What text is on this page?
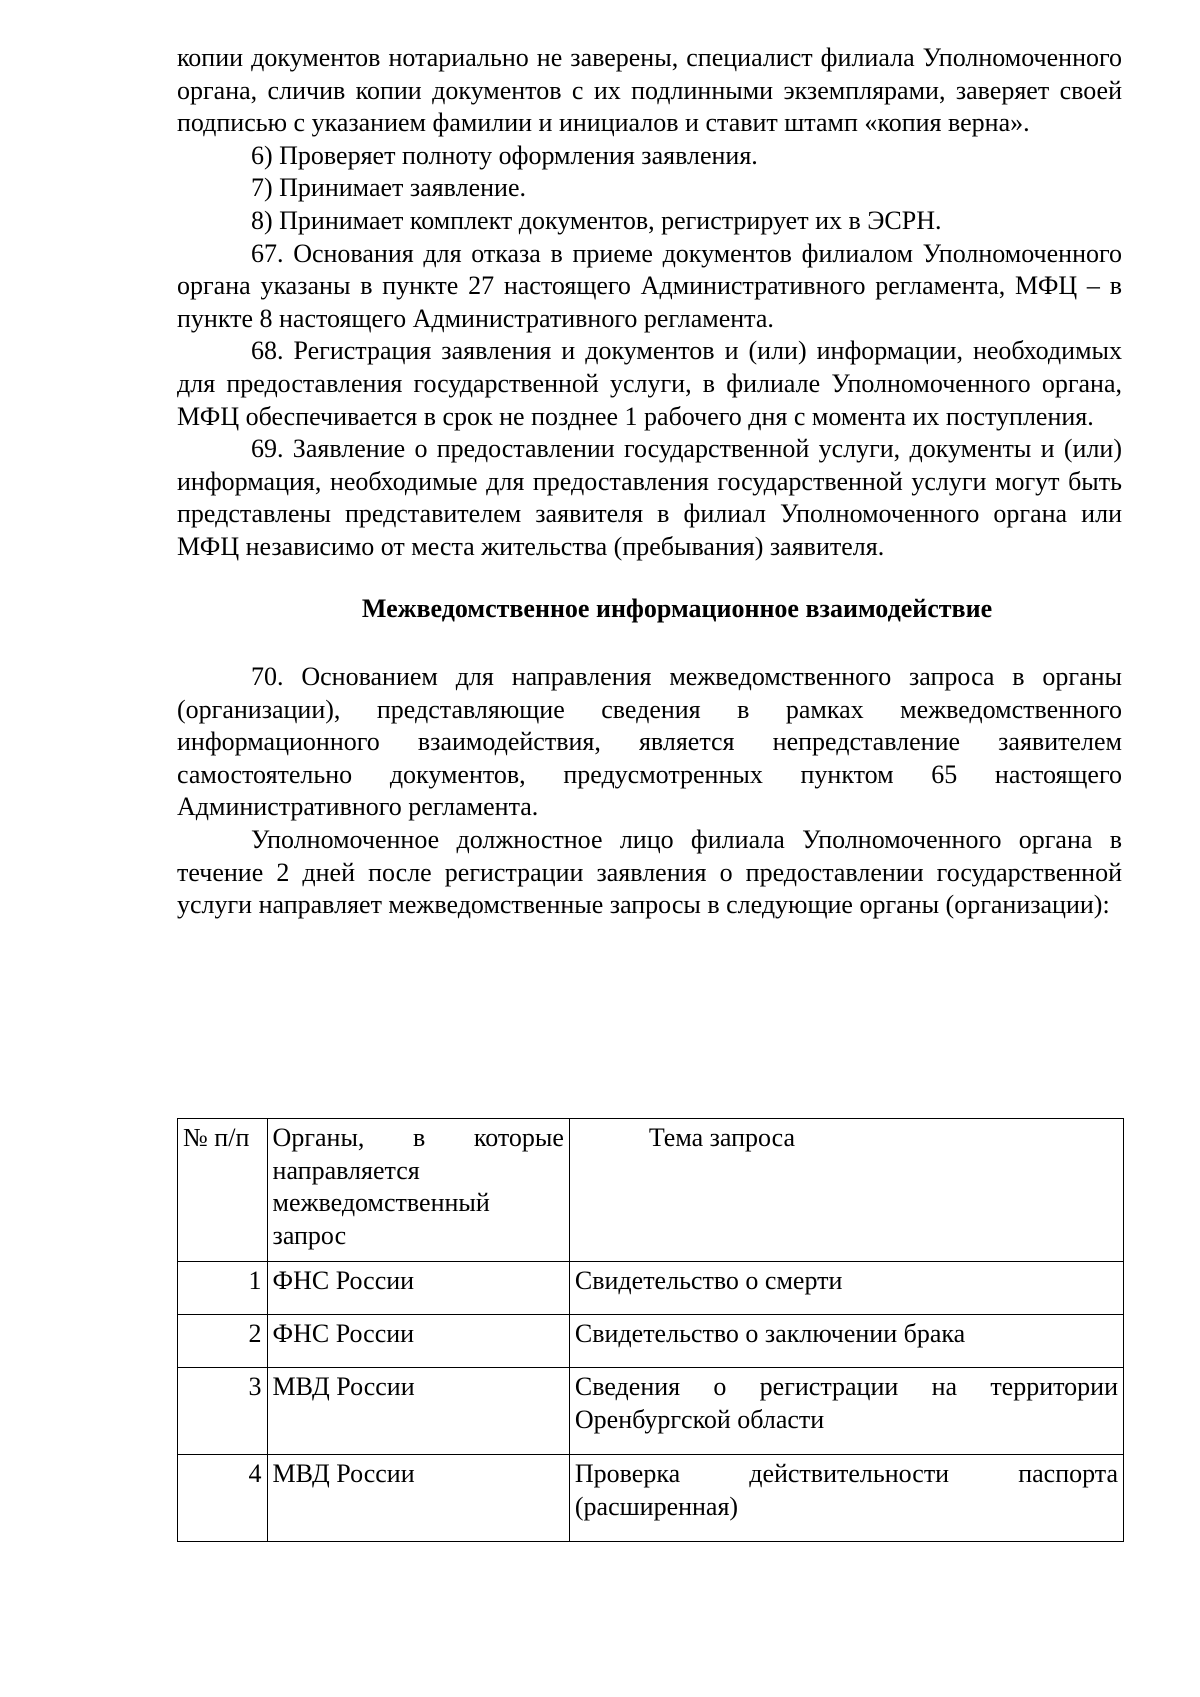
копии документов нотариально не заверены, специалист филиала Уполномоченного органа, сличив копии документов с их подлинными экземплярами, заверяет своей подписью с указанием фамилии и инициалов и ставит штамп «копия верна».

6) Проверяет полноту оформления заявления.

7) Принимает заявление.

8) Принимает комплект документов, регистрирует их в ЭСРН.

67. Основания для отказа в приеме документов филиалом Уполномоченного органа указаны в пункте 27 настоящего Административного регламента, МФЦ – в пункте 8 настоящего Административного регламента.

68. Регистрация заявления и документов и (или) информации, необходимых для предоставления государственной услуги, в филиале Уполномоченного органа, МФЦ обеспечивается в срок не позднее 1 рабочего дня с момента их поступления.

69. Заявление о предоставлении государственной услуги, документы и (или) информация, необходимые для предоставления государственной услуги могут быть представлены представителем заявителя в филиал Уполномоченного органа или МФЦ независимо от места жительства (пребывания) заявителя.

Межведомственное информационное взаимодействие

70. Основанием для направления межведомственного запроса в органы (организации), представляющие сведения в рамках межведомственного информационного взаимодействия, является непредставление заявителем самостоятельно документов, предусмотренных пунктом 65 настоящего Административного регламента.

Уполномоченное должностное лицо филиала Уполномоченного органа в течение 2 дней после регистрации заявления о предоставлении государственной услуги направляет межведомственные запросы в следующие органы (организации):

№ п/п	Органы, в которые направляется межведомственный запрос	Тема запроса
1	ФНС России	Свидетельство о смерти
2	ФНС России	Свидетельство о заключении брака
3	МВД России	Сведения о регистрации на территории Оренбургской области
4	МВД России	Проверка действительности паспорта (расширенная)
